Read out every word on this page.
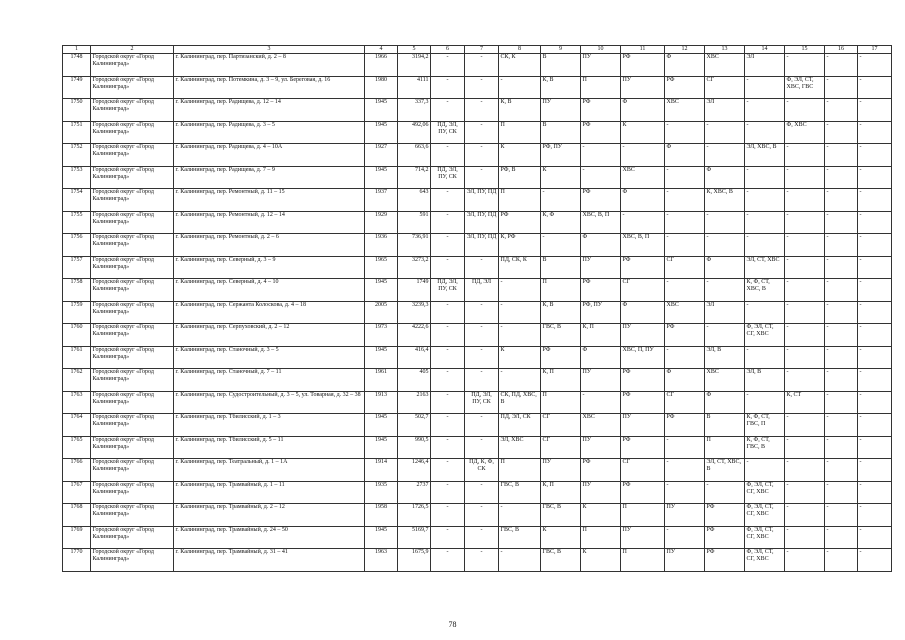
1	2	3	4	5	6	7	8	9	10	11	12	13	14	15	16	17
1748	Городской округ «Город Калининград»	г. Калининград, пер. Партизанский, д. 2 – 8	1966	3194,2	-	-	СК, К	В	ПУ	РФ	Ф	ХВС	ЭЛ	-	-	-
1749	Городской округ «Город Калининград»	г. Калининград, пер. Потемкина, д. 3 – 9, ул. Береговая, д. 16	1980	4111	-	-	-	К, В	П	ПУ	РФ	СГ	-	Ф, ЭЛ, СТ, ХВС, ГВС	-	-
1750	Городской округ «Город Калининград»	г. Калининград, пер. Радищева, д. 12 – 14	1945	337,3	-	-	К, В	ПУ	РФ	Ф	ХВС	ЭЛ	-	-	-	-
1751	Городской округ «Город Калининград»	г. Калининград, пер. Радищева, д. 3 – 5	1945	492,06	ПД, ЭЛ, ПУ, СК	-	П	В	РФ	К	-	-	-	Ф, ХВС	-	-
1752	Городской округ «Город Калининград»	г. Калининград, пер. Радищева, д. 4 – 10А	1927	663,6	-	-	К	РФ, ПУ	-	-	Ф	-	ЭЛ, ХВС, В	-	-	-
1753	Городской округ «Город Калининград»	г. Калининград, пер. Радищева, д. 7 – 9	1945	714,2	ПД, ЭЛ, ПУ, СК	-	РФ, В	К	-	ХВС	-	Ф	-	-	-	-
1754	Городской округ «Город Калининград»	г. Калининград, пер. Ремонтный, д. 11 – 15	1937	643	-	ЭЛ, ПУ, ПД	П	-	РФ	Ф	-	К, ХВС, В	-	-	-	-
1755	Городской округ «Город Калининград»	г. Калининград, пер. Ремонтный, д. 12 – 14	1929	591	-	ЭЛ, ПУ, ПД	РФ	К, Ф	ХВС, В, П	-	-	-	-	-	-	-
1756	Городской округ «Город Калининград»	г. Калининград, пер. Ремонтный, д. 2 – 6	1936	736,91	-	ЭЛ, ПУ, ПД	К, РФ	-	Ф	ХВС, В, П	-	-	-	-	-	-
1757	Городской округ «Город Калининград»	г. Калининград, пер. Северный, д. 3 – 9	1965	3273,2	-	-	ПД, СК, К	В	ПУ	РФ	СГ	Ф	ЭЛ, СТ, ХВС	-	-	-
1758	Городской округ «Город Калининград»	г. Калининград, пер. Северный, д. 4 – 10	1945	1749	ПД, ЭЛ, ПУ, СК	ПД, ЭЛ	-	П	РФ	СГ	-	-	К, Ф, СТ, ХВС, В	-	-	-
1759	Городской округ «Город Калининград»	г. Калининград, пер. Сержанта Колоскова, д. 4 – 18	2005	3239,3	-	-	-	К, В	РФ, ПУ	Ф	ХВС	ЭЛ	-	-	-	-
1760	Городской округ «Город Калининград»	г. Калининград, пер. Серпуховский, д. 2 – 12	1973	4222,6	-	-	-	ГВС, В	К, П	ПУ	РФ	-	Ф, ЭЛ, СТ, СГ, ХВС	-	-	-
1761	Городской округ «Город Калининград»	г. Калининград, пер. Станочный, д. 3 – 5	1945	416,4	-	-	К	РФ	Ф	ХВС, П, ПУ	-	ЭЛ, В	-	-	-	-
1762	Городской округ «Город Калининград»	г. Калининград, пер. Станочный, д. 7 – 11	1961	405	-	-	-	К, П	ПУ	РФ	Ф	ХВС	ЭЛ, В	-	-	-
1763	Городской округ «Город Калининград»	г. Калининград, пер. Судостроительный, д. 3 – 5, ул. Товарная, д. 32 – 38	1913	2163	-	ПД, ЭЛ, ПУ, СК	СК, ПД, ХВС, В	П	-	РФ	СГ	Ф	-	К, СТ	-	-
1764	Городской округ «Город Калининград»	г. Калининград, пер. Тбилисский, д. 1 – 3	1945	502,7	-	-	ПД, ЭЛ, СК	СГ	ХВС	ПУ	РФ	В	К, Ф, СТ, ГВС, П	-	-	-
1765	Городской округ «Город Калининград»	г. Калининград, пер. Тбилисский, д. 5 – 11	1945	990,5	-	-	ЭЛ, ХВС	СГ	ПУ	РФ	-	П	К, Ф, СТ, ГВС, В	-	-	-
1766	Городской округ «Город Калининград»	г. Калининград, пер. Театральный, д. 1 – 1А	1914	1246,4	-	ПД, К, Ф, СК	П	ПУ	РФ	СГ	-	ЭЛ, СТ, ХВС, В	-	-	-	-
1767	Городской округ «Город Калининград»	г. Калининград, пер. Трамвайный, д. 1 – 11	1935	2737	-	-	ГВС, В	К, П	ПУ	РФ	-	-	Ф, ЭЛ, СТ, СГ, ХВС	-	-	-
1768	Городской округ «Город Калининград»	г. Калининград, пер. Трамвайный, д. 2 – 12	1958	1726,5	-	-	-	ГВС, В	К	П	ПУ	РФ	Ф, ЭЛ, СТ, СГ, ХВС	-	-	-
1769	Городской округ «Город Калининград»	г. Калининград, пер. Трамвайный, д. 24 – 50	1945	5169,7	-	-	ГВС, В	К	П	ПУ	-	РФ	Ф, ЭЛ, СТ, СГ, ХВС	-	-	-
1770	Городской округ «Город Калининград»	г. Калининград, пер. Трамвайный, д. 31 – 41	1963	1675,9	-	-	-	ГВС, В	К	П	ПУ	РФ	Ф, ЭЛ, СТ, СГ, ХВС	-	-	-
78
